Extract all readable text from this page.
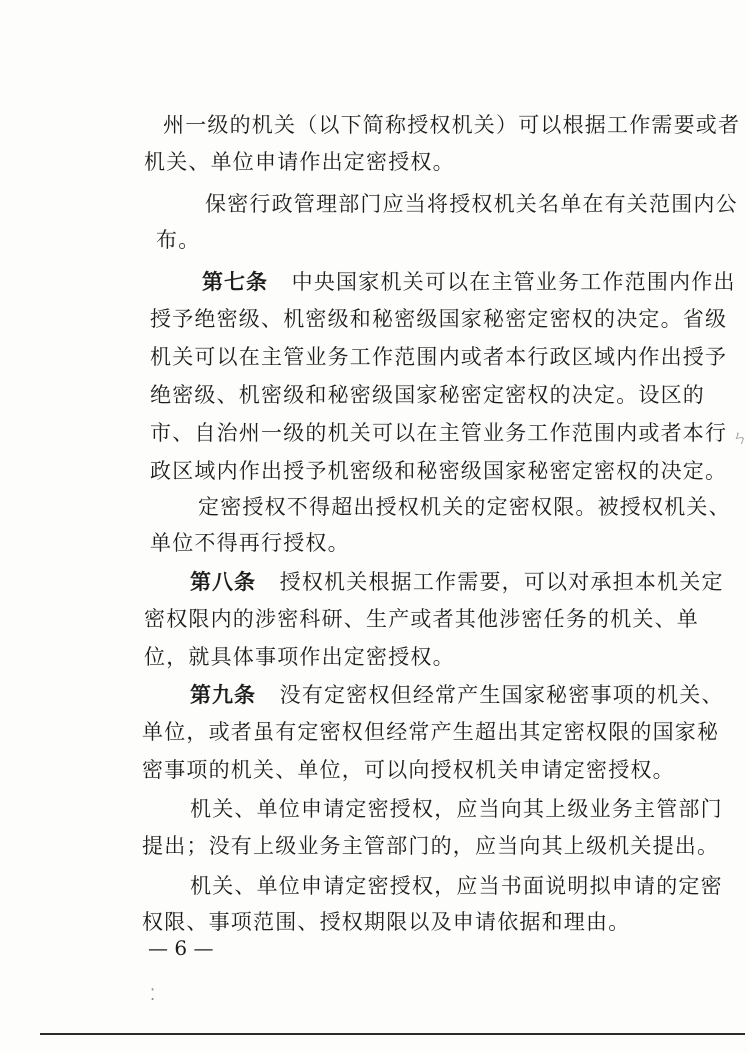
州一级的机关（以下简称授权机关）可以根据工作需要或者
机关、单位申请作出定密授权。
保密行政管理部门应当将授权机关名单在有关范围内公
布。
第七条 中央国家机关可以在主管业务工作范围内作出
授予绝密级、机密级和秘密级国家秘密定密权的决定。省级
机关可以在主管业务工作范围内或者本行政区域内作出授予
绝密级、机密级和秘密级国家秘密定密权的决定。设区的
市、自治州一级的机关可以在主管业务工作范围内或者本行
政区域内作出授予机密级和秘密级国家秘密定密权的决定。
定密授权不得超出授权机关的定密权限。被授权机关、
单位不得再行授权。
第八条 授权机关根据工作需要，可以对承担本机关定
密权限内的涉密科研、生产或者其他涉密任务的机关、单
位，就具体事项作出定密授权。
第九条 没有定密权但经常产生国家秘密事项的机关、
单位，或者虽有定密权但经常产生超出其定密权限的国家秘
密事项的机关、单位，可以向授权机关申请定密授权。
机关、单位申请定密授权，应当向其上级业务主管部门
提出；没有上级业务主管部门的，应当向其上级机关提出。
机关、单位申请定密授权，应当书面说明拟申请的定密
权限、事项范围、授权期限以及申请依据和理由。
— 6 —
ㄣ
⁚
